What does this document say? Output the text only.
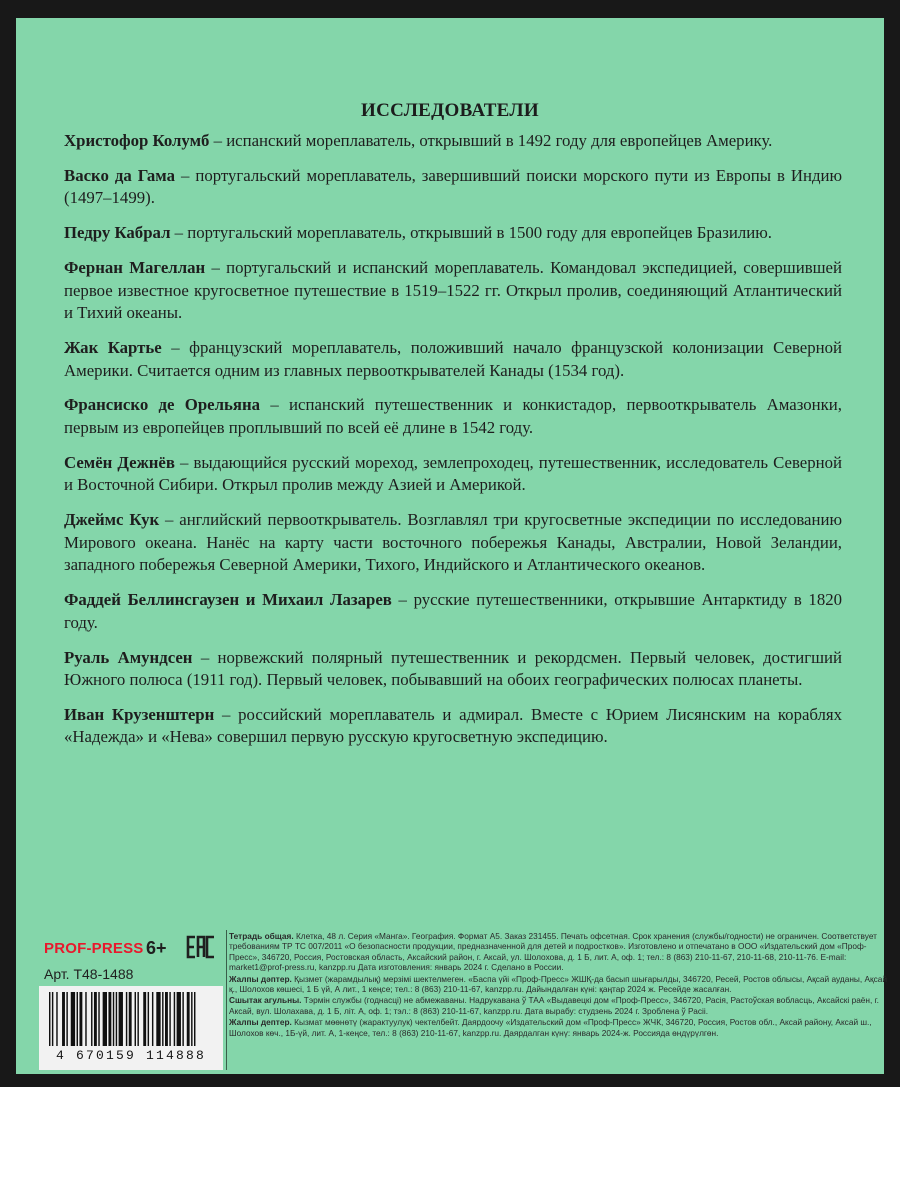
ИССЛЕДОВАТЕЛИ

Христофор Колумб – испанский мореплаватель, открывший в 1492 году для европейцев Америку.

Васко да Гама – португальский мореплаватель, завершивший поиски морского пути из Европы в Индию (1497–1499).

Педру Кабрал – португальский мореплаватель, открывший в 1500 году для европейцев Бразилию.

Фернан Магеллан – португальский и испанский мореплаватель. Командовал экспедицией, совершившей первое известное кругосветное путешествие в 1519–1522 гг. Открыл пролив, соединяющий Атлантический и Тихий океаны.

Жак Картье – французский мореплаватель, положивший начало французской колонизации Северной Америки. Считается одним из главных первооткрывателей Канады (1534 год).

Франсиско де Орельяна – испанский путешественник и конкистадор, первооткрыватель Амазонки, первым из европейцев проплывший по всей её длине в 1542 году.

Семён Дежнёв – выдающийся русский мореход, землепроходец, путешественник, исследователь Северной и Восточной Сибири. Открыл пролив между Азией и Америкой.

Джеймс Кук – английский первооткрыватель. Возглавлял три кругосветные экспедиции по исследованию Мирового океана. Нанёс на карту части восточного побережья Канады, Австралии, Новой Зеландии, западного побережья Северной Америки, Тихого, Индийского и Атлантического океанов.

Фаддей Беллинсгаузен и Михаил Лазарев – русские путешественники, открывшие Антарктиду в 1820 году.

Руаль Амундсен – норвежский полярный путешественник и рекордсмен. Первый человек, достигший Южного полюса (1911 год). Первый человек, побывавший на обоих географических полюсах планеты.

Иван Крузенштерн – российский мореплаватель и адмирал. Вместе с Юрием Лисянским на кораблях «Надежда» и «Нева» совершил первую русскую кругосветную экспедицию.

PROF-PRESS 6+
Арт. Т48-1488
4 670159 114888

Тетрадь общая. Клетка, 48 л. Серия «Манга». География. Формат А5. Заказ 231455. Печать офсетная. Срок хранения (службы/годности) не ограничен. Соответствует требованиям ТР ТС 007/2011 «О безопасности продукции, предназначенной для детей и подростков». Изготовлено и отпечатано в ООО «Издательский дом «Проф-Пресс», 346720, Россия, Ростовская область, Аксайский район, г. Аксай, ул. Шолохова, д. 1 Б, лит. А, оф. 1; тел.: 8 (863) 210-11-67, 210-11-68, 210-11-76. E-mail: market1@prof-press.ru, kanzpp.ru Дата изготовления: январь 2024 г. Сделано в России.

Жалпы дәптер. Қызмет (жарамдылық) мерзімі шектелмеген. «Баспа үйі «Проф-Пресс» ЖШҚ-да басып шығарылды, 346720, Ресей, Ростов облысы, Ақсай ауданы, Ақсай қ., Шолохов көшесі, 1 Б үй, А лит., 1 кеңсе; тел.: 8 (863) 210-11-67, kanzpp.ru. Дайындалған күні: қаңтар 2024 ж. Ресейде жасалған.

Сшытак агульны. Тэрмін службы (годнасці) не абмежаваны. Надрукавана ў ТАА «Выдавецкі дом «Проф-Пресс», 346720, Расія, Растоўская вобласць, Аксайскі раён, г. Аксай, вул. Шолахава, д. 1 Б, літ. А, оф. 1; тэл.: 8 (863) 210-11-67, kanzpp.ru. Дата вырабу: студзень 2024 г. Зроблена ў Расіі.

Жалпы дептер. Кызмат мөөнөтү (жарактуулук) чектелбейт. Даярдоочу «Издательский дом «Проф-Пресс» ЖЧК, 346720, Россия, Ростов обл., Аксай району, Аксай ш., Шолохов көч., 1Б-үй, лит. А, 1-кеңсе, тел.: 8 (863) 210-11-67, kanzpp.ru. Даярдалган күнү: январь 2024-ж. Россияда өндүрүлгөн.
